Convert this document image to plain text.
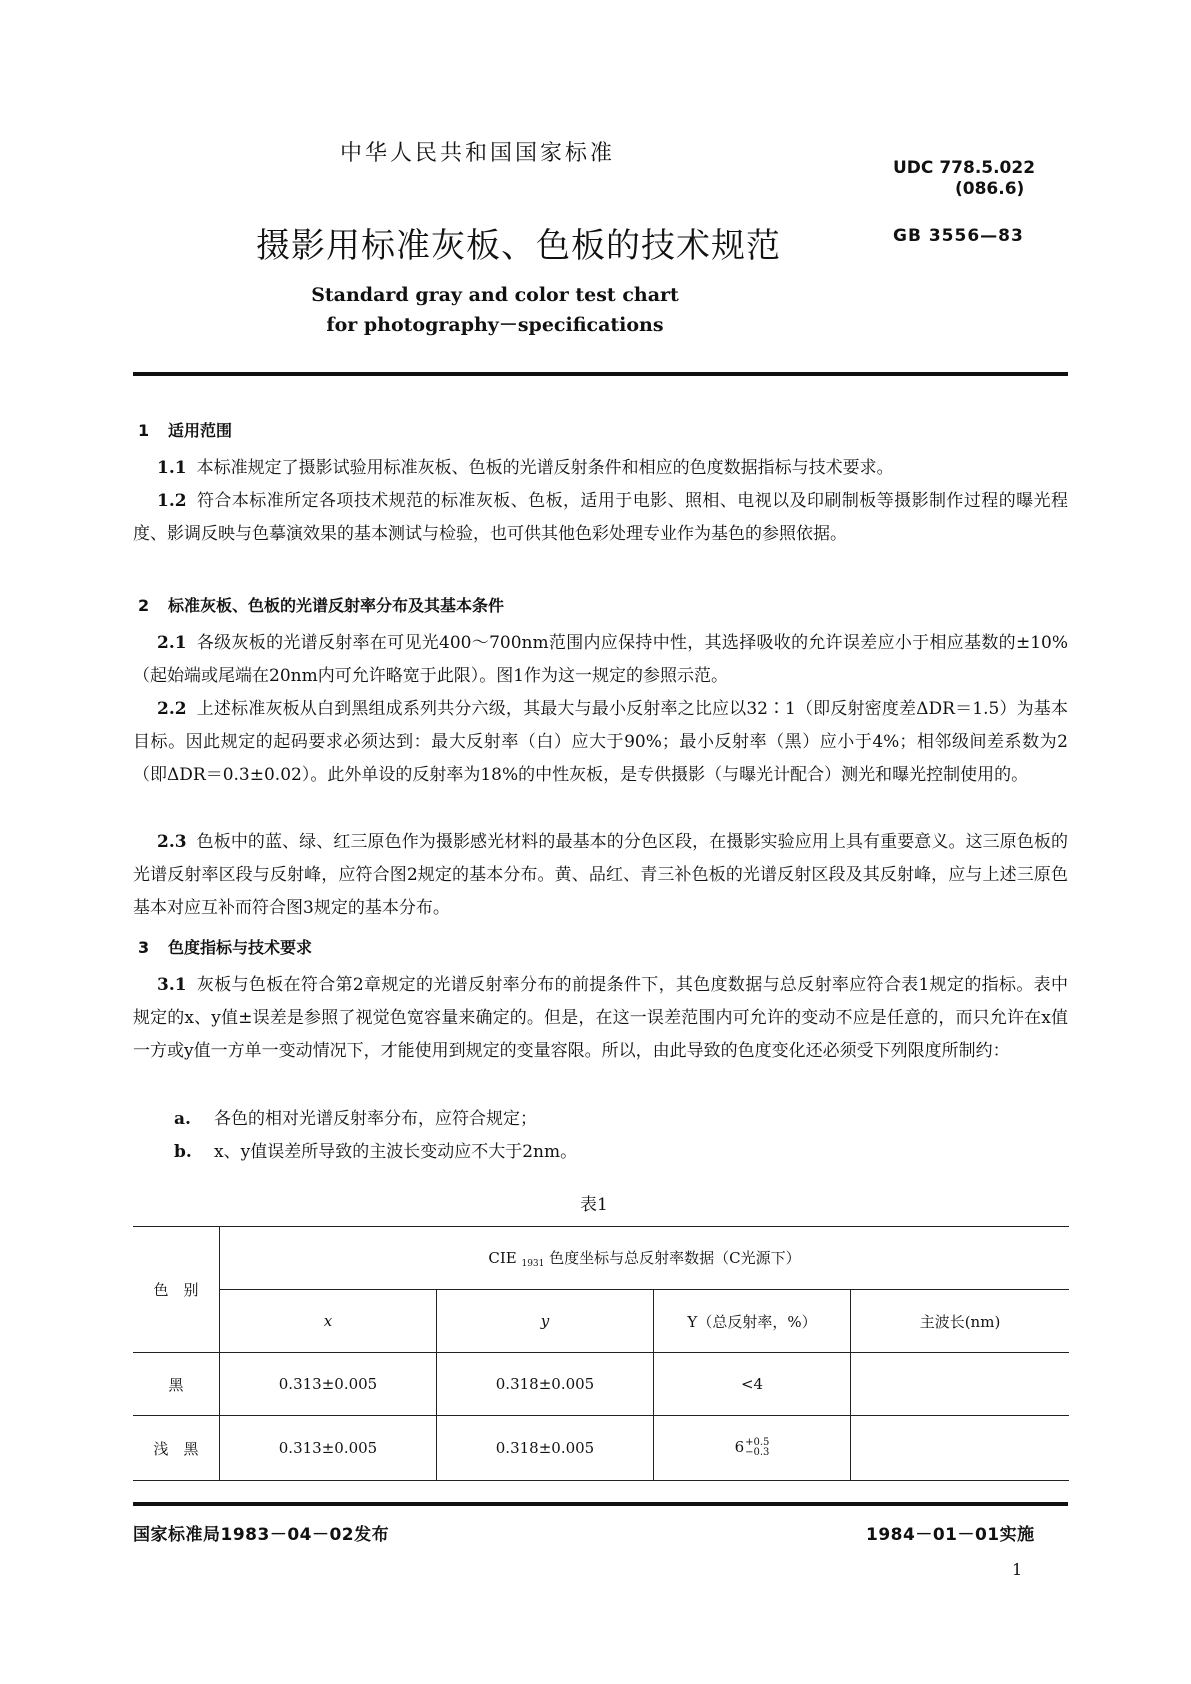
中华人民共和国国家标准
UDC 778.5.022
(086.6)
GB 3556—83
摄影用标准灰板、色板的技术规范
Standard gray and color test chart
for photography－specifications
1 适用范围
1.1 本标准规定了摄影试验用标准灰板、色板的光谱反射条件和相应的色度数据指标与技术要求。
1.2 符合本标准所定各项技术规范的标准灰板、色板，适用于电影、照相、电视以及印刷制板等摄影制作过程的曝光程度、影调反映与色摹演效果的基本测试与检验，也可供其他色彩处理专业作为基色的参照依据。
2 标准灰板、色板的光谱反射率分布及其基本条件
2.1 各级灰板的光谱反射率在可见光400～700nm范围内应保持中性，其选择吸收的允许误差应小于相应基数的±10%（起始端或尾端在20nm内可允许略宽于此限）。图1作为这一规定的参照示范。
2.2 上述标准灰板从白到黑组成系列共分六级，其最大与最小反射率之比应以32∶1（即反射密度差ΔDR＝1.5）为基本目标。因此规定的起码要求必须达到：最大反射率（白）应大于90%；最小反射率（黑）应小于4%；相邻级间差系数为2（即ΔDR＝0.3±0.02）。此外单设的反射率为18%的中性灰板，是专供摄影（与曝光计配合）测光和曝光控制使用的。
2.3 色板中的蓝、绿、红三原色作为摄影感光材料的最基本的分色区段，在摄影实验应用上具有重要意义。这三原色板的光谱反射率区段与反射峰，应符合图2规定的基本分布。黄、品红、青三补色板的光谱反射区段及其反射峰，应与上述三原色基本对应互补而符合图3规定的基本分布。
3 色度指标与技术要求
3.1 灰板与色板在符合第2章规定的光谱反射率分布的前提条件下，其色度数据与总反射率应符合表1规定的指标。表中规定的x、y值±误差是参照了视觉色宽容量来确定的。但是，在这一误差范围内可允许的变动不应是任意的，而只允许在x值一方或y值一方单一变动情况下，才能使用到规定的变量容限。所以，由此导致的色度变化还必须受下列限度所制约：
a. 各色的相对光谱反射率分布，应符合规定；
b. x、y值误差所导致的主波长变动应不大于2nm。
表1
色　别	CIE $_{1931}$ 色度坐标与总反射率数据（C光源下）			
	x	y	Y（总反射率，%）	主波长(nm)
黑	0.313±0.005	0.318±0.005	<4	
浅　黑	0.313±0.005	0.318±0.005	6+0.5
−0.3	
国家标准局1983－04－02发布	1984－01－01实施
1
